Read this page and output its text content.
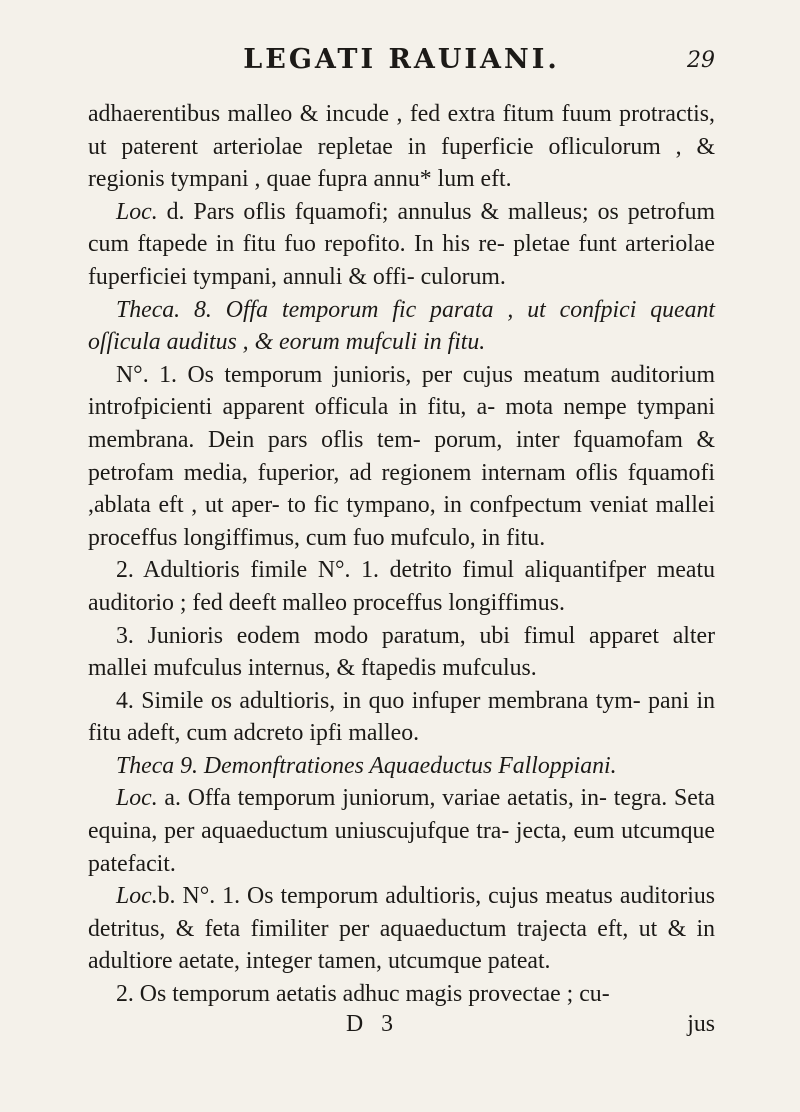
LEGATI RAUIANI.	29

adhaerentibus malleo & incude , fed extra fitum fuum protractis, ut paterent arteriolae repletae in fuperficie ofliculorum , & regionis tympani , quae fupra annu* lum eft.

Loc. d. Pars oflis fquamofi; annulus & malleus; os petrofum cum ftapede in fitu fuo repofito. In his re- pletae funt arteriolae fuperficiei tympani, annuli & offi- culorum.

Theca. 8. Offa temporum fic parata , ut confpici queant oſſicula auditus , & eorum mufculi in fitu.

N°. 1. Os temporum junioris, per cujus meatum auditorium introfpicienti apparent officula in fitu, a- mota nempe tympani membrana. Dein pars oflis tem- porum, inter fquamofam & petrofam media, fuperior, ad regionem internam oflis fquamofi ,ablata eft , ut aper- to fic tympano, in confpectum veniat mallei proceffus longiffimus, cum fuo mufculo, in fitu.

2. Adultioris fimile N°. 1. detrito fimul aliquantifper meatu auditorio ; fed deeft malleo proceffus longiffimus.

3. Junioris eodem modo paratum, ubi fimul apparet alter mallei mufculus internus, & ftapedis mufculus.

4. Simile os adultioris, in quo infuper membrana tym- pani in fitu adeft, cum adcreto ipfi malleo.

Theca 9. Demonftrationes Aquaeductus Falloppiani.

Loc. a. Offa temporum juniorum, variae aetatis, in- tegra. Seta equina, per aquaeductum uniuscujufque tra- jecta, eum utcumque patefacit.

Loc.b. N°. 1. Os temporum adultioris, cujus meatus auditorius detritus, & feta fimiliter per aquaeductum trajecta eft, ut & in adultiore aetate, integer tamen, utcumque pateat.

2. Os temporum aetatis adhuc magis provectae ; cu-

D 3	jus
